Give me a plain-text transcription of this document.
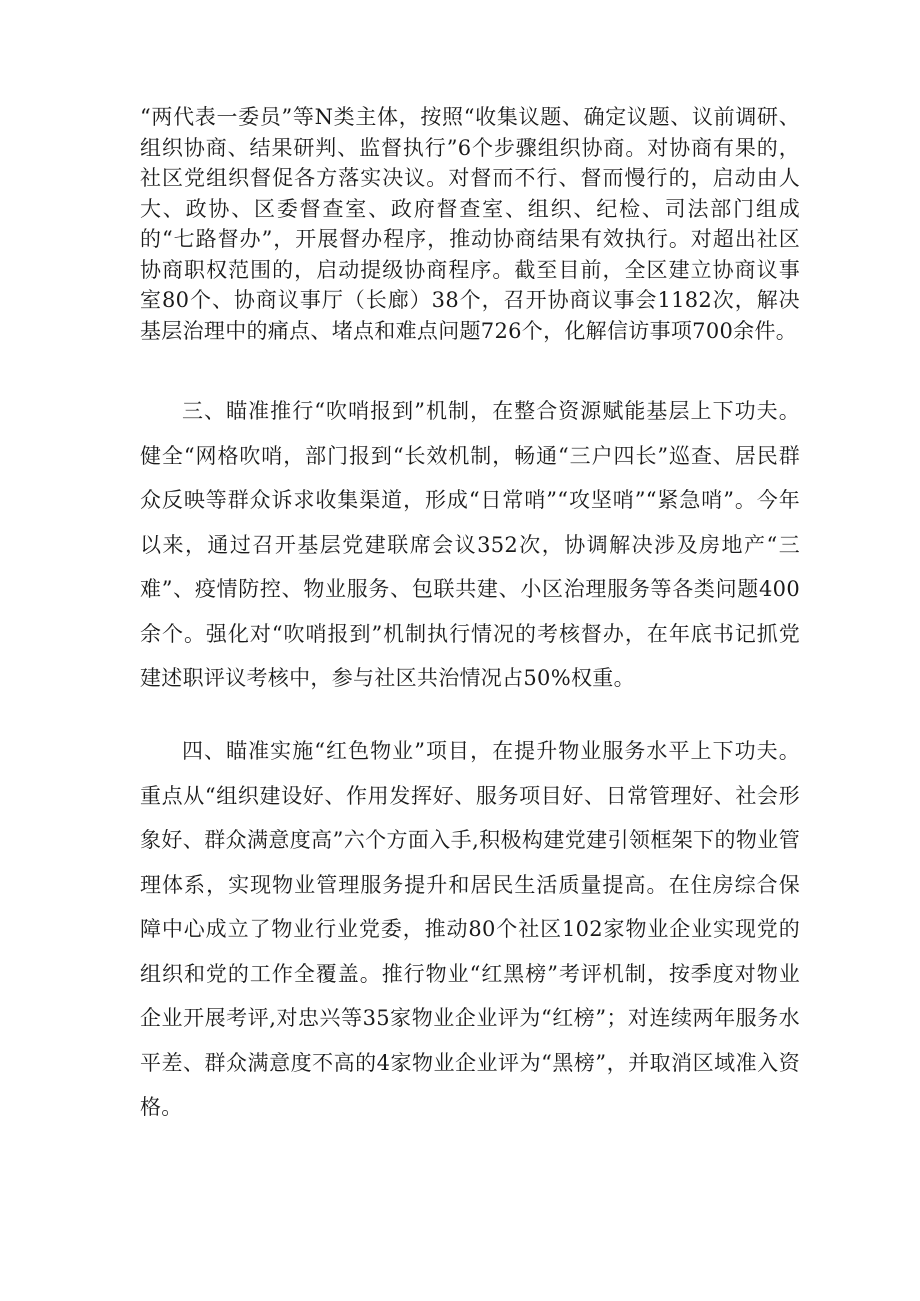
“两代表一委员”等N类主体，按照“收集议题、确定议题、议前调研、组织协商、结果研判、监督执行”6个步骤组织协商。对协商有果的，社区党组织督促各方落实决议。对督而不行、督而慢行的，启动由人大、政协、区委督查室、政府督查室、组织、纪检、司法部门组成的“七路督办”，开展督办程序，推动协商结果有效执行。对超出社区协商职权范围的，启动提级协商程序。截至目前，全区建立协商议事室80个、协商议事厅（长廊）38个，召开协商议事会1182次，解决基层治理中的痛点、堵点和难点问题726个，化解信访事项700余件。

三、瞄准推行“吹哨报到”机制，在整合资源赋能基层上下功夫。健全“网格吹哨，部门报到“长效机制，畅通“三户四长”巡查、居民群众反映等群众诉求收集渠道，形成“日常哨”“攻坚哨”“紧急哨”。今年以来，通过召开基层党建联席会议352次，协调解决涉及房地产“三难”、疫情防控、物业服务、包联共建、小区治理服务等各类问题400余个。强化对“吹哨报到”机制执行情况的考核督办，在年底书记抓党建述职评议考核中，参与社区共治情况占50%权重。

四、瞄准实施“红色物业”项目，在提升物业服务水平上下功夫。重点从“组织建设好、作用发挥好、服务项目好、日常管理好、社会形象好、群众满意度高”六个方面入手,积极构建党建引领框架下的物业管理体系，实现物业管理服务提升和居民生活质量提高。在住房综合保障中心成立了物业行业党委，推动80个社区102家物业企业实现党的组织和党的工作全覆盖。推行物业“红黑榜”考评机制，按季度对物业企业开展考评,对忠兴等35家物业企业评为“红榜”；对连续两年服务水平差、群众满意度不高的4家物业企业评为“黑榜”，并取消区域准入资格。
